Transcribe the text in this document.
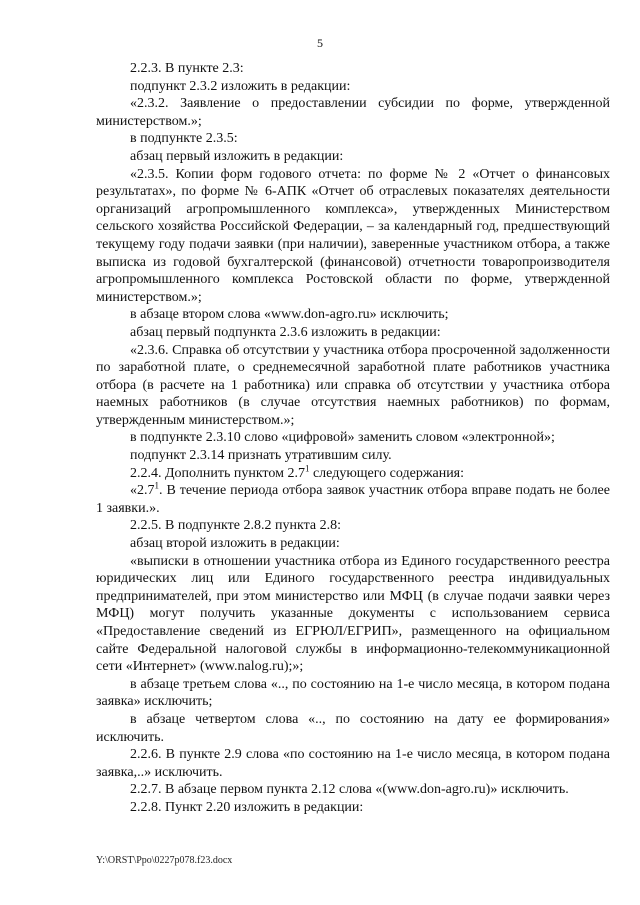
5

2.2.3. В пункте 2.3:

подпункт 2.3.2 изложить в редакции:

«2.3.2. Заявление о предоставлении субсидии по форме, утвержденной министерством.»;

в подпункте 2.3.5:

абзац первый изложить в редакции:

«2.3.5. Копии форм годового отчета: по форме № 2 «Отчет о финансовых результатах», по форме № 6-АПК «Отчет об отраслевых показателях деятельности организаций агропромышленного комплекса», утвержденных Министерством сельского хозяйства Российской Федерации, – за календарный год, предшествующий текущему году подачи заявки (при наличии), заверенные участником отбора, а также выписка из годовой бухгалтерской (финансовой) отчетности товаропроизводителя агропромышленного комплекса Ростовской области по форме, утвержденной министерством.»;

в абзаце втором слова «www.don-agro.ru» исключить;

абзац первый подпункта 2.3.6 изложить в редакции:

«2.3.6. Справка об отсутствии у участника отбора просроченной задолженности по заработной плате, о среднемесячной заработной плате работников участника отбора (в расчете на 1 работника) или справка об отсутствии у участника отбора наемных работников (в случае отсутствия наемных работников) по формам, утвержденным министерством.»;

в подпункте 2.3.10 слово «цифровой» заменить словом «электронной»;

подпункт 2.3.14 признать утратившим силу.

2.2.4. Дополнить пунктом $2.7^1$ следующего содержания:

«$2.7^1$. В течение периода отбора заявок участник отбора вправе подать не более 1 заявки.».

2.2.5. В подпункте 2.8.2 пункта 2.8:

абзац второй изложить в редакции:

«выписки в отношении участника отбора из Единого государственного реестра юридических лиц или Единого государственного реестра индивидуальных предпринимателей, при этом министерство или МФЦ (в случае подачи заявки через МФЦ) могут получить указанные документы с использованием сервиса «Предоставление сведений из ЕГРЮЛ/ЕГРИП», размещенного на официальном сайте Федеральной налоговой службы в информационно-телекоммуникационной сети «Интернет» (www.nalog.ru);»;

в абзаце третьем слова «.., по состоянию на 1-е число месяца, в котором подана заявка» исключить;

в абзаце четвертом слова «.., по состоянию на дату ее формирования» исключить.

2.2.6. В пункте 2.9 слова «по состоянию на 1-е число месяца, в котором подана заявка,..» исключить.

2.2.7. В абзаце первом пункта 2.12 слова «(www.don-agro.ru)» исключить.

2.2.8. Пункт 2.20 изложить в редакции:

Y:\ORST\Ppo\0227p078.f23.docx
